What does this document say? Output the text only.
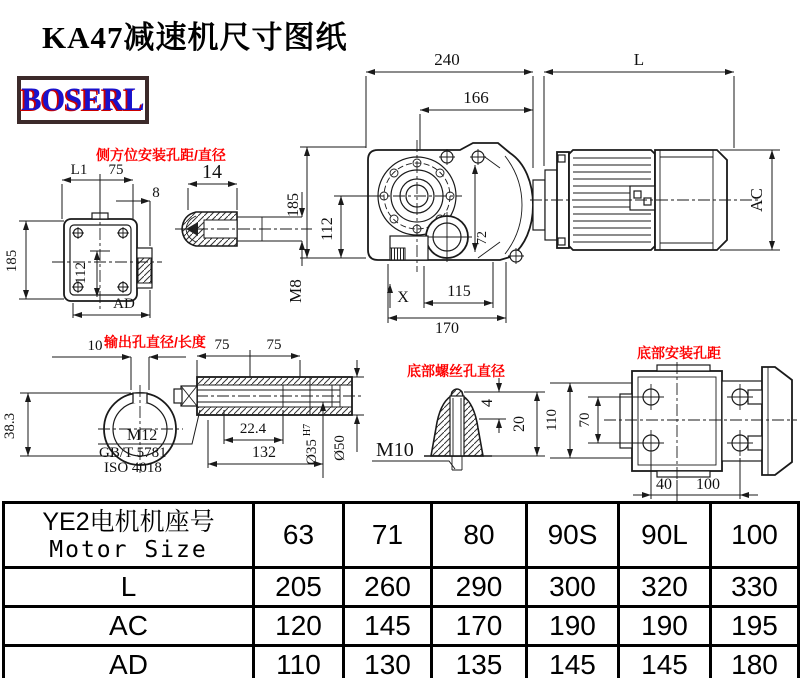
KA47减速机尺寸图纸
BOSERL
240	L
166
185
112	72
X 115
170
AC
侧方位安装孔距/直径
L1 75
8
185
112
AD
14
M8
输出孔直径/长度
10
38.3
75 75
22.4
132 Ø35
H7
Ø50
M12
GB/T 5781
ISO 4018
底部螺丝孔直径
4
20
M10
底部安装孔距
110 70
40 100
YE2电机机座号
Motor Size	63	71	80	90S	90L	100
L	205	260	290	300	320	330
AC	120	145	170	190	190	195
AD	110	130	135	145	145	180
